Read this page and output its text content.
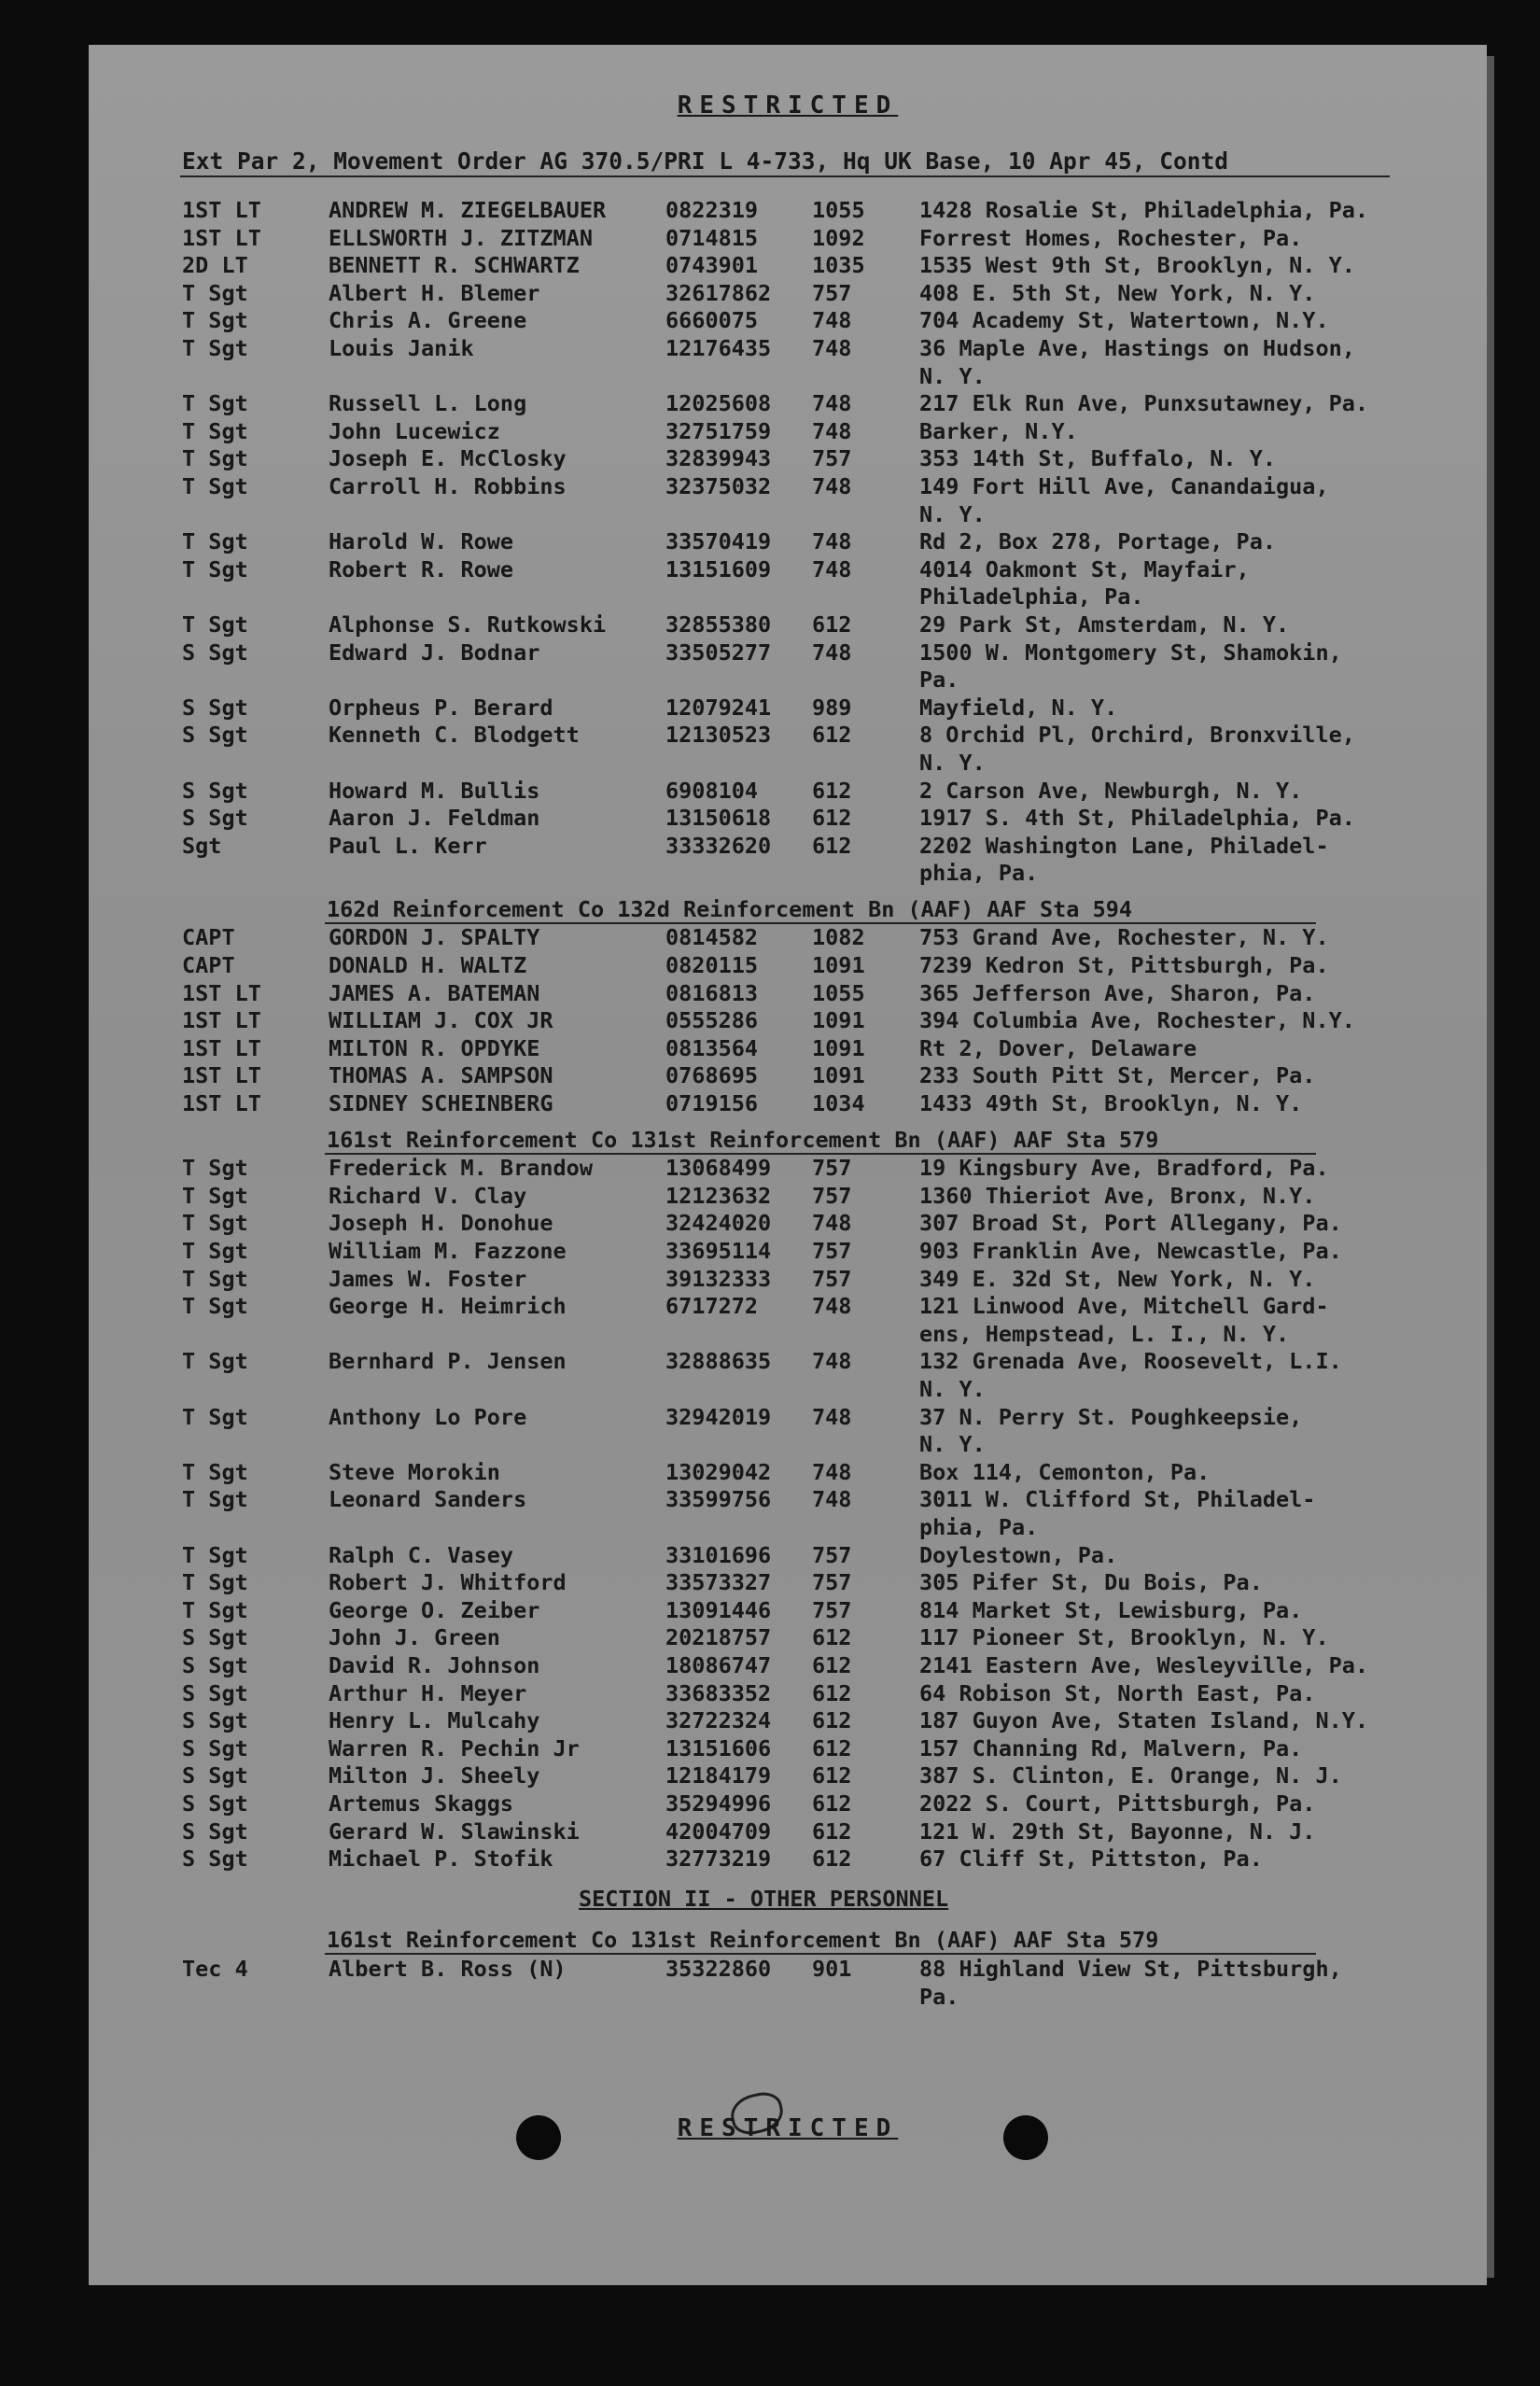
RESTRICTED
Ext Par 2, Movement Order AG 370.5/PRI L 4-733, Hq UK Base, 10 Apr 45, Contd
1ST LT	ANDREW M. ZIEGELBAUER	0822319 1055 1428 Rosalie St, Philadelphia, Pa.
1ST LT	ELLSWORTH J. ZITZMAN	0714815 1092 Forrest Homes, Rochester, Pa.
2D LT	BENNETT R. SCHWARTZ	0743901 1035 1535 West 9th St, Brooklyn, N. Y.
T Sgt	Albert H. Blemer	32617862 757	408 E. 5th St, New York, N. Y.
T Sgt	Chris A. Greene	6660075 748	704 Academy St, Watertown, N.Y.
T Sgt	Louis Janik	12176435 748	36 Maple Ave, Hastings on Hudson,
N. Y.
T Sgt	Russell L. Long	12025608 748	217 Elk Run Ave, Punxsutawney, Pa.
T Sgt	John Lucewicz	32751759 748	Barker, N.Y.
T Sgt	Joseph E. McClosky	32839943 757	353 14th St, Buffalo, N. Y.
T Sgt	Carroll H. Robbins	32375032 748	149 Fort Hill Ave, Canandaigua,
N. Y.
T Sgt	Harold W. Rowe	33570419 748	Rd 2, Box 278, Portage, Pa.
T Sgt	Robert R. Rowe	13151609 748	4014 Oakmont St, Mayfair,
Philadelphia, Pa.
T Sgt	Alphonse S. Rutkowski	32855380 612	29 Park St, Amsterdam, N. Y.
S Sgt	Edward J. Bodnar	33505277 748	1500 W. Montgomery St, Shamokin,
Pa.
S Sgt	Orpheus P. Berard	12079241 989	Mayfield, N. Y.
S Sgt	Kenneth C. Blodgett	12130523 612	8 Orchid Pl, Orchird, Bronxville,
N. Y.
S Sgt	Howard M. Bullis	6908104 612	2 Carson Ave, Newburgh, N. Y.
S Sgt	Aaron J. Feldman	13150618 612	1917 S. 4th St, Philadelphia, Pa.
Sgt	Paul L. Kerr	33332620 612	2202 Washington Lane, Philadel-
phia, Pa.
162d Reinforcement Co 132d Reinforcement Bn (AAF) AAF Sta 594
CAPT	GORDON J. SPALTY	0814582 1082 753 Grand Ave, Rochester, N. Y.
CAPT	DONALD H. WALTZ	0820115 1091 7239 Kedron St, Pittsburgh, Pa.
1ST LT	JAMES A. BATEMAN	0816813 1055 365 Jefferson Ave, Sharon, Pa.
1ST LT	WILLIAM J. COX JR	0555286 1091 394 Columbia Ave, Rochester, N.Y.
1ST LT	MILTON R. OPDYKE	0813564 1091 Rt 2, Dover, Delaware
1ST LT	THOMAS A. SAMPSON	0768695 1091 233 South Pitt St, Mercer, Pa.
1ST LT	SIDNEY SCHEINBERG	0719156 1034 1433 49th St, Brooklyn, N. Y.
161st Reinforcement Co 131st Reinforcement Bn (AAF) AAF Sta 579
T Sgt	Frederick M. Brandow	13068499 757	19 Kingsbury Ave, Bradford, Pa.
T Sgt	Richard V. Clay	12123632 757	1360 Thieriot Ave, Bronx, N.Y.
T Sgt	Joseph H. Donohue	32424020 748	307 Broad St, Port Allegany, Pa.
T Sgt	William M. Fazzone	33695114 757	903 Franklin Ave, Newcastle, Pa.
T Sgt	James W. Foster	39132333 757	349 E. 32d St, New York, N. Y.
T Sgt	George H. Heimrich	6717272 748	121 Linwood Ave, Mitchell Gard-
ens, Hempstead, L. I., N. Y.
T Sgt	Bernhard P. Jensen	32888635 748	132 Grenada Ave, Roosevelt, L.I.
N. Y.
T Sgt	Anthony Lo Pore	32942019 748	37 N. Perry St. Poughkeepsie,
N. Y.
T Sgt	Steve Morokin	13029042 748	Box 114, Cemonton, Pa.
T Sgt	Leonard Sanders	33599756 748	3011 W. Clifford St, Philadel-
phia, Pa.
T Sgt	Ralph C. Vasey	33101696 757	Doylestown, Pa.
T Sgt	Robert J. Whitford	33573327 757	305 Pifer St, Du Bois, Pa.
T Sgt	George O. Zeiber	13091446 757	814 Market St, Lewisburg, Pa.
S Sgt	John J. Green	20218757 612	117 Pioneer St, Brooklyn, N. Y.
S Sgt	David R. Johnson	18086747 612	2141 Eastern Ave, Wesleyville, Pa.
S Sgt	Arthur H. Meyer	33683352 612	64 Robison St, North East, Pa.
S Sgt	Henry L. Mulcahy	32722324 612	187 Guyon Ave, Staten Island, N.Y.
S Sgt	Warren R. Pechin Jr	13151606 612	157 Channing Rd, Malvern, Pa.
S Sgt	Milton J. Sheely	12184179 612	387 S. Clinton, E. Orange, N. J.
S Sgt	Artemus Skaggs	35294996 612	2022 S. Court, Pittsburgh, Pa.
S Sgt	Gerard W. Slawinski	42004709 612	121 W. 29th St, Bayonne, N. J.
S Sgt	Michael P. Stofik	32773219 612	67 Cliff St, Pittston, Pa.
SECTION II - OTHER PERSONNEL
161st Reinforcement Co 131st Reinforcement Bn (AAF) AAF Sta 579
Tec 4	Albert B. Ross (N)	35322860 901	88 Highland View St, Pittsburgh,
Pa.
RESTRICTED
